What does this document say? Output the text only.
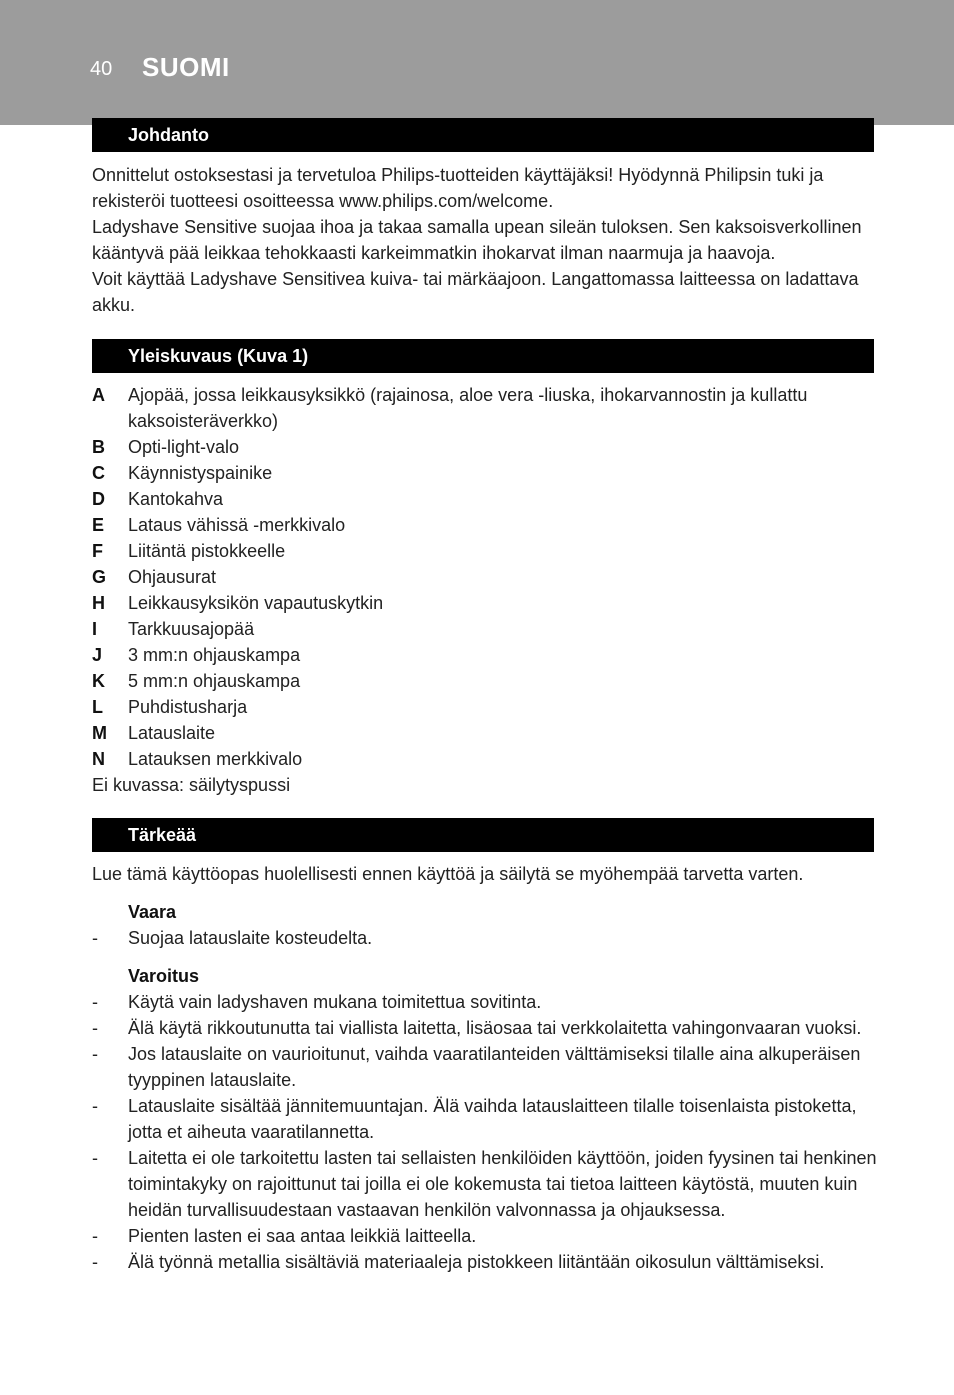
40 SUOMI
Johdanto

Onnittelut ostoksestasi ja tervetuloa Philips-tuotteiden käyttäjäksi! Hyödynnä Philipsin tuki ja rekisteröi tuotteesi osoitteessa www.philips.com/welcome.

Ladyshave Sensitive suojaa ihoa ja takaa samalla upean sileän tuloksen. Sen kaksoisverkollinen kääntyvä pää leikkaa tehokkaasti karkeimmatkin ihokarvat ilman naarmuja ja haavoja.

Voit käyttää Ladyshave Sensitivea kuiva- tai märkäajoon. Langattomassa laitteessa on ladattava akku.

Yleiskuvaus (Kuva 1)
A	Ajopää, jossa leikkausyksikkö (rajainosa, aloe vera -liuska, ihokarvannostin ja kullattu kaksoisteräverkko)
B	Opti-light-valo
C	Käynnistyspainike
D	Kantokahva
E	Lataus vähissä -merkkivalo
F	Liitäntä pistokkeelle
G	Ohjausurat
H	Leikkausyksikön vapautuskytkin
I	Tarkkuusajopää
J	3 mm:n ohjauskampa
K	5 mm:n ohjauskampa
L	Puhdistusharja
M	Latauslaite
N	Latauksen merkkivalo

Ei kuvassa: säilytyspussi

Tärkeää

Lue tämä käyttöopas huolellisesti ennen käyttöä ja säilytä se myöhempää tarvetta varten.

Vaara
-	Suojaa latauslaite kosteudelta.
Varoitus
-	Käytä vain ladyshaven mukana toimitettua sovitinta.
-	Älä käytä rikkoutunutta tai viallista laitetta, lisäosaa tai verkkolaitetta vahingonvaaran vuoksi.
-	Jos latauslaite on vaurioitunut, vaihda vaaratilanteiden välttämiseksi tilalle aina alkuperäisen tyyppinen latauslaite.
-	Latauslaite sisältää jännitemuuntajan. Älä vaihda latauslaitteen tilalle toisenlaista pistoketta, jotta et aiheuta vaaratilannetta.
-	Laitetta ei ole tarkoitettu lasten tai sellaisten henkilöiden käyttöön, joiden fyysinen tai henkinen toimintakyky on rajoittunut tai joilla ei ole kokemusta tai tietoa laitteen käytöstä, muuten kuin heidän turvallisuudestaan vastaavan henkilön valvonnassa ja ohjauksessa.
-	Pienten lasten ei saa antaa leikkiä laitteella.
-	Älä työnnä metallia sisältäviä materiaaleja pistokkeen liitäntään oikosulun välttämiseksi.
